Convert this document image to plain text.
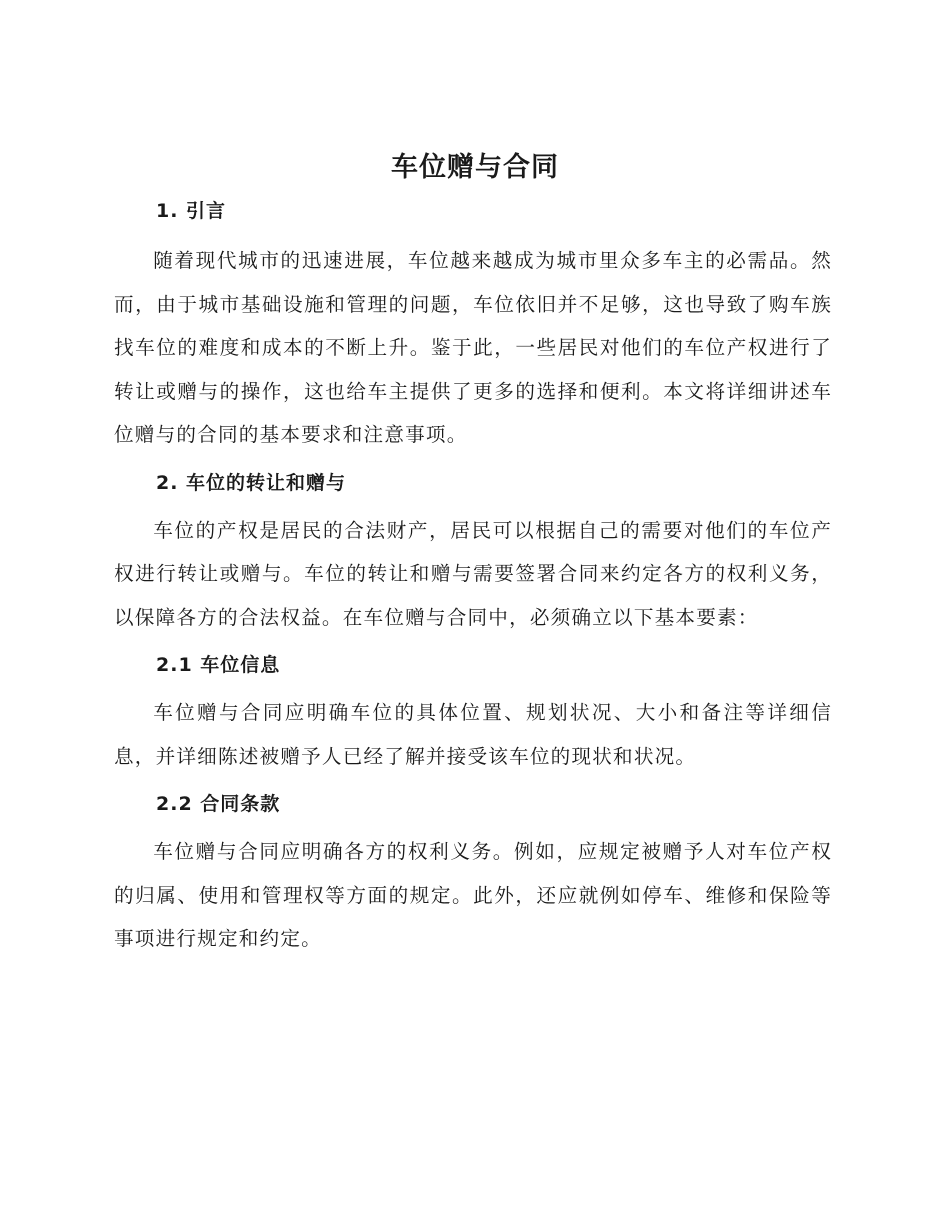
车位赠与合同
1. 引言

随着现代城市的迅速进展，车位越来越成为城市里众多车主的必需品。然而，由于城市基础设施和管理的问题，车位依旧并不足够，这也导致了购车族找车位的难度和成本的不断上升。鉴于此，一些居民对他们的车位产权进行了转让或赠与的操作，这也给车主提供了更多的选择和便利。本文将详细讲述车位赠与的合同的基本要求和注意事项。

2. 车位的转让和赠与

车位的产权是居民的合法财产，居民可以根据自己的需要对他们的车位产权进行转让或赠与。车位的转让和赠与需要签署合同来约定各方的权利义务，以保障各方的合法权益。在车位赠与合同中，必须确立以下基本要素：

2.1 车位信息

车位赠与合同应明确车位的具体位置、规划状况、大小和备注等详细信息，并详细陈述被赠予人已经了解并接受该车位的现状和状况。

2.2 合同条款

车位赠与合同应明确各方的权利义务。例如，应规定被赠予人对车位产权的归属、使用和管理权等方面的规定。此外，还应就例如停车、维修和保险等事项进行规定和约定。
